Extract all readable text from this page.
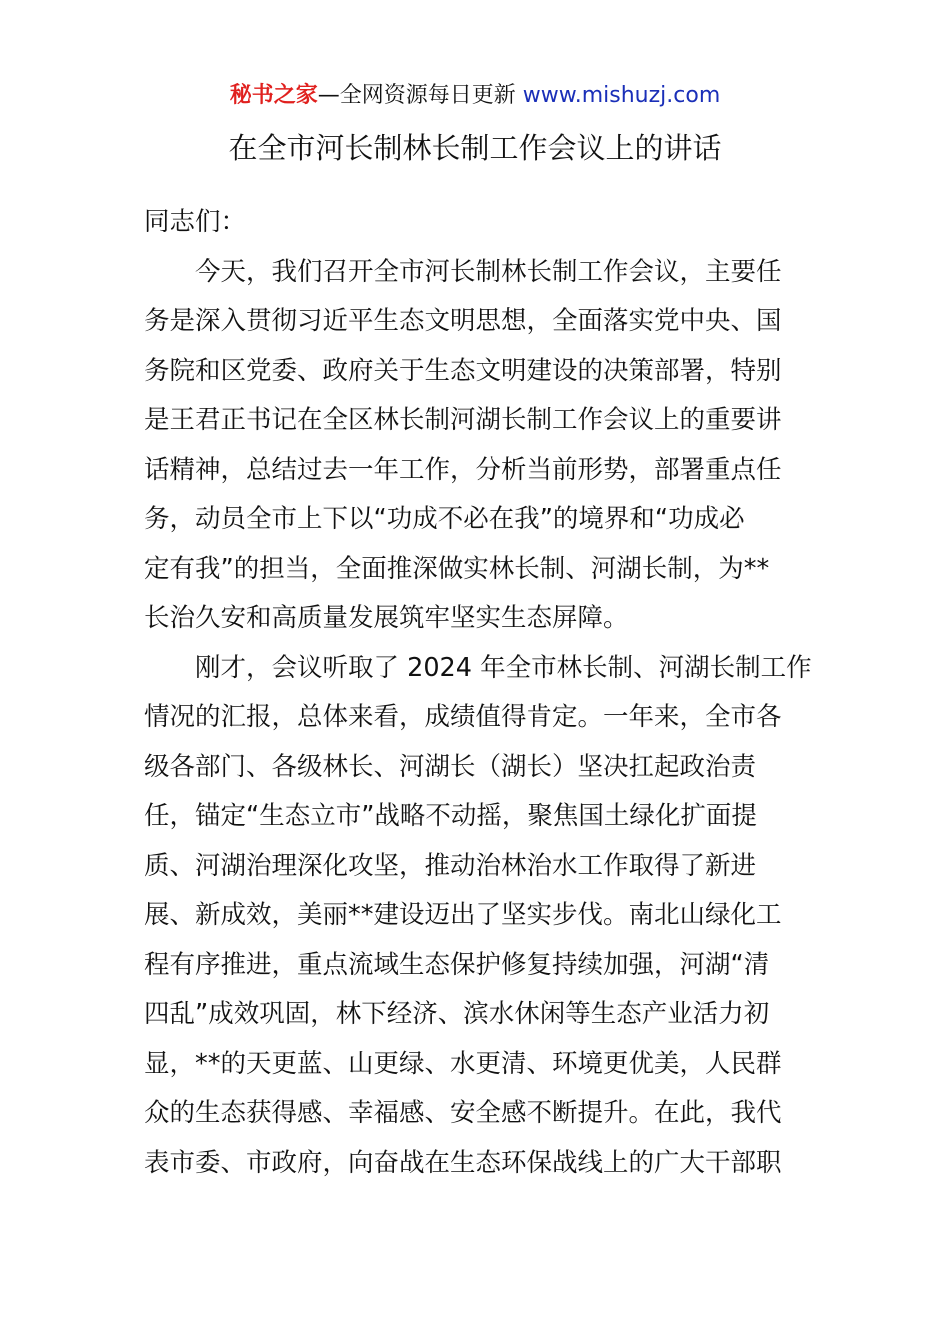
秘书之家—全网资源每日更新 www.mishuzj.com
在全市河长制林长制工作会议上的讲话

同志们：

今天，我们召开全市河长制林长制工作会议，主要任
务是深入贯彻习近平生态文明思想，全面落实党中央、国
务院和区党委、政府关于生态文明建设的决策部署，特别
是王君正书记在全区林长制河湖长制工作会议上的重要讲
话精神，总结过去一年工作，分析当前形势，部署重点任
务，动员全市上下以“功成不必在我”的境界和“功成必
定有我”的担当，全面推深做实林长制、河湖长制，为**
长治久安和高质量发展筑牢坚实生态屏障。

刚才，会议听取了 2024 年全市林长制、河湖长制工作
情况的汇报，总体来看，成绩值得肯定。一年来，全市各
级各部门、各级林长、河湖长（湖长）坚决扛起政治责
任，锚定“生态立市”战略不动摇，聚焦国土绿化扩面提
质、河湖治理深化攻坚，推动治林治水工作取得了新进
展、新成效，美丽**建设迈出了坚实步伐。南北山绿化工
程有序推进，重点流域生态保护修复持续加强，河湖“清
四乱”成效巩固，林下经济、滨水休闲等生态产业活力初
显，**的天更蓝、山更绿、水更清、环境更优美，人民群
众的生态获得感、幸福感、安全感不断提升。在此，我代
表市委、市政府，向奋战在生态环保战线上的广大干部职
